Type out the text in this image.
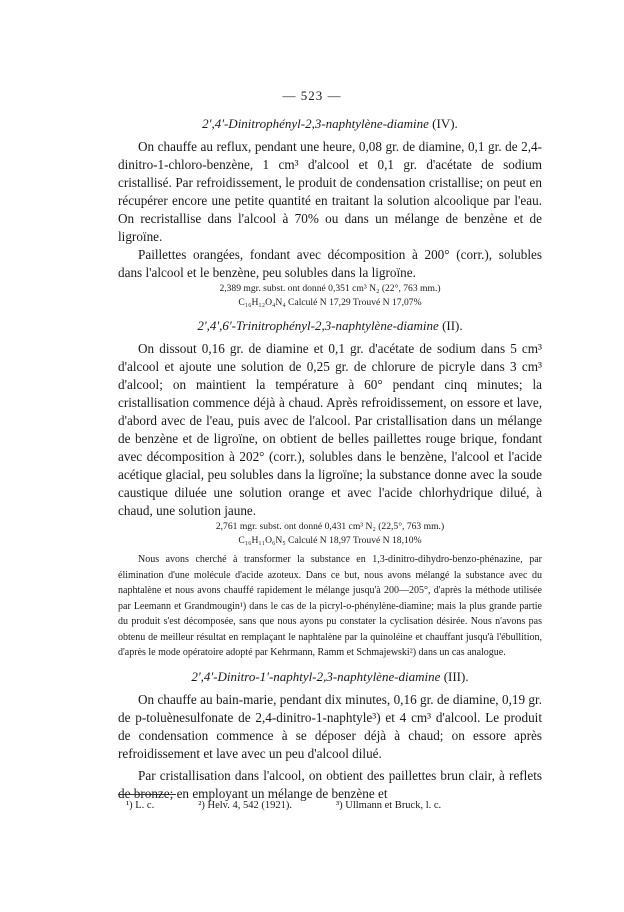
— 523 —
2',4'-Dinitrophényl-2,3-naphtylène-diamine (IV).

On chauffe au reflux, pendant une heure, 0,08 gr. de diamine, 0,1 gr. de 2,4-dinitro-1-chloro-benzène, 1 cm³ d'alcool et 0,1 gr. d'acétate de sodium cristallisé. Par refroidissement, le produit de condensation cristallise; on peut en récupérer encore une petite quantité en traitant la solution alcoolique par l'eau. On recristallise dans l'alcool à 70% ou dans un mélange de benzène et de ligroïne.

Paillettes orangées, fondant avec décomposition à 200° (corr.), solubles dans l'alcool et le benzène, peu solubles dans la ligroïne.

2,389 mgr. subst. ont donné 0,351 cm³ N₂ (22°, 763 mm.)
C₁₆H₁₂O₄N₄ Calculé N 17,29 Trouvé N 17,07%
2',4',6'-Trinitrophényl-2,3-naphtylène-diamine (II).

On dissout 0,16 gr. de diamine et 0,1 gr. d'acétate de sodium dans 5 cm³ d'alcool et ajoute une solution de 0,25 gr. de chlorure de picryle dans 3 cm³ d'alcool; on maintient la température à 60° pendant cinq minutes; la cristallisation commence déjà à chaud. Après refroidissement, on essore et lave, d'abord avec de l'eau, puis avec de l'alcool. Par cristallisation dans un mélange de benzène et de ligroïne, on obtient de belles paillettes rouge brique, fondant avec décomposition à 202° (corr.), solubles dans le benzène, l'alcool et l'acide acétique glacial, peu solubles dans la ligroïne; la substance donne avec la soude caustique diluée une solution orange et avec l'acide chlorhydrique dilué, à chaud, une solution jaune.

2,761 mgr. subst. ont donné 0,431 cm³ N₂ (22,5°, 763 mm.)
C₁₆H₁₁O₆N₅ Calculé N 18,97 Trouvé N 18,10%
Nous avons cherché à transformer la substance en 1,3-dinitro-dihydro-benzo-phénazine, par élimination d'une molécule d'acide azoteux. Dans ce but, nous avons mélangé la substance avec du naphtalène et nous avons chauffé rapidement le mélange jusqu'à 200—205°, d'après la méthode utilisée par Leemann et Grandmougin¹) dans le cas de la picryl-o-phénylène-diamine; mais la plus grande partie du produit s'est décomposée, sans que nous ayons pu constater la cyclisation désirée. Nous n'avons pas obtenu de meilleur résultat en remplaçant le naphtalène par la quinoléine et chauffant jusqu'à l'ébullition, d'après le mode opératoire adopté par Kehrmann, Ramm et Schmajewski²) dans un cas analogue.
2',4'-Dinitro-1'-naphtyl-2,3-naphtylène-diamine (III).

On chauffe au bain-marie, pendant dix minutes, 0,16 gr. de diamine, 0,19 gr. de p-toluènesulfonate de 2,4-dinitro-1-naphtyle³) et 4 cm³ d'alcool. Le produit de condensation commence à se déposer déjà à chaud; on essore après refroidissement et lave avec un peu d'alcool dilué.

Par cristallisation dans l'alcool, on obtient des paillettes brun clair, à reflets de bronze; en employant un mélange de benzène et

¹) L. c.	²) Helv. 4, 542 (1921).	³) Ullmann et Bruck, l. c.
